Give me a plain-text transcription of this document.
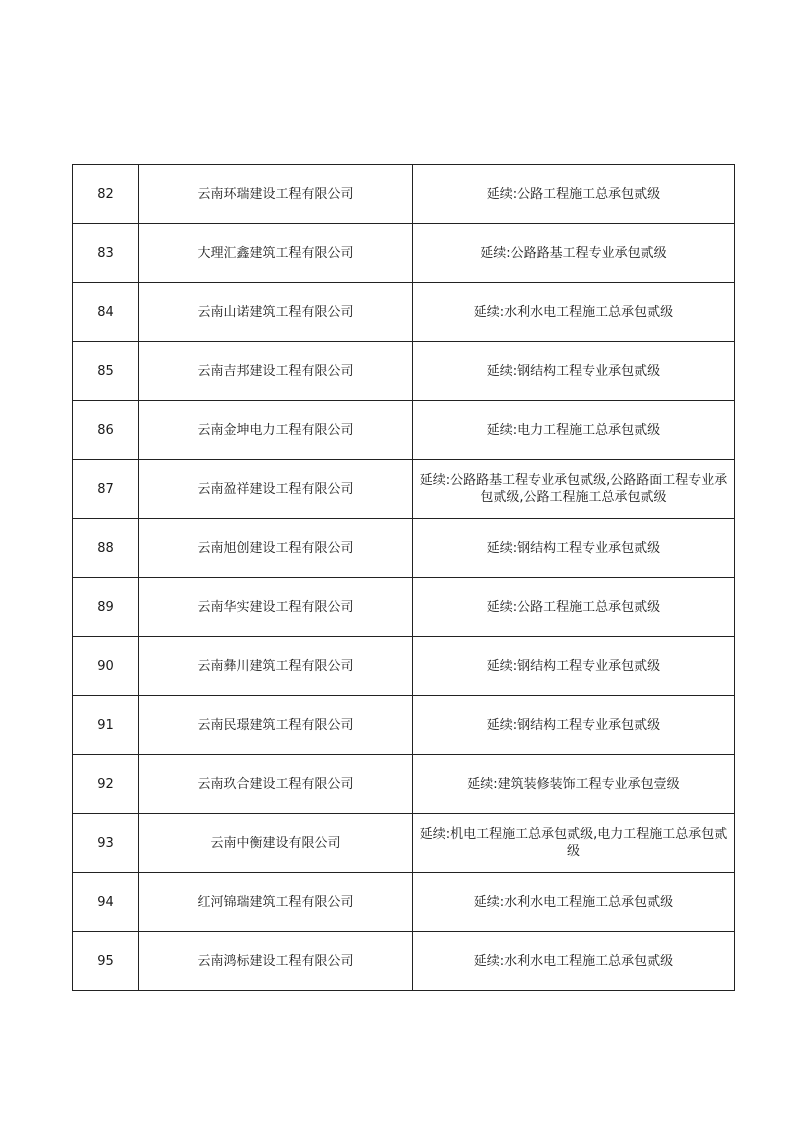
82	云南环瑞建设工程有限公司	延续:公路工程施工总承包贰级
83	大理汇鑫建筑工程有限公司	延续:公路路基工程专业承包贰级
84	云南山诺建筑工程有限公司	延续:水利水电工程施工总承包贰级
85	云南吉邦建设工程有限公司	延续:钢结构工程专业承包贰级
86	云南金坤电力工程有限公司	延续:电力工程施工总承包贰级
87	云南盈祥建设工程有限公司	延续:公路路基工程专业承包贰级,公路路面工程专业承包贰级,公路工程施工总承包贰级
88	云南旭创建设工程有限公司	延续:钢结构工程专业承包贰级
89	云南华实建设工程有限公司	延续:公路工程施工总承包贰级
90	云南彝川建筑工程有限公司	延续:钢结构工程专业承包贰级
91	云南民璟建筑工程有限公司	延续:钢结构工程专业承包贰级
92	云南玖合建设工程有限公司	延续:建筑装修装饰工程专业承包壹级
93	云南中衡建设有限公司	延续:机电工程施工总承包贰级,电力工程施工总承包贰级
94	红河锦瑞建筑工程有限公司	延续:水利水电工程施工总承包贰级
95	云南鸿标建设工程有限公司	延续:水利水电工程施工总承包贰级
